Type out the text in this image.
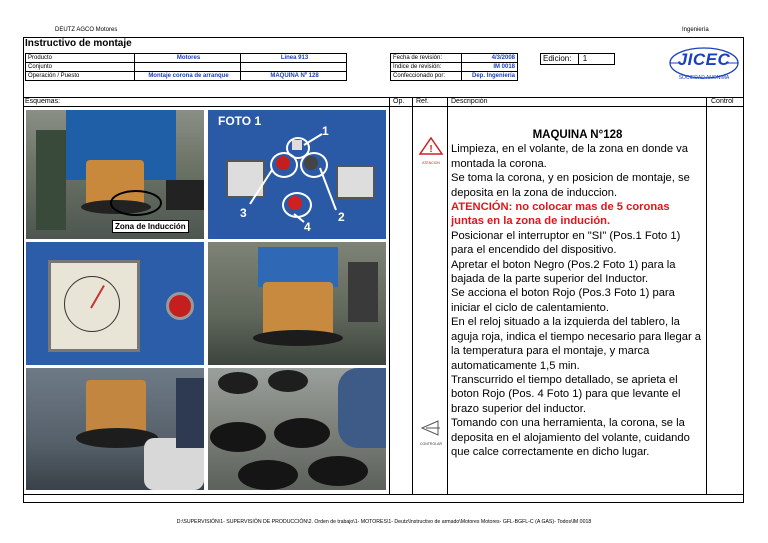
DEUTZ AGCO Motores	Ingeniería
Instructivo de montaje
Producto	Motores	Linea 913
Conjunto
Operación / Puesto	Montaje corona de arranque	MAQUINA Nº 128
Fecha de revisión:	4/3/2008
Índice de revisión:	IM 0018
Confeccionado por:	Dep. Ingeniería
Edicion: 1	JICEC
SOCIEDAD ANONIMA
Esquemas:	Op. Ref.	Descripción	Control
Zona de Inducción
FOTO 1
1
2
3
4
!
ATENCION
CONTROLAR

MAQUINA N°128

Limpieza, en el volante, de la zona en donde va montada la corona.

Se toma la corona, y en posicion de montaje, se deposita en la zona de induccion.

ATENCIÓN: no colocar mas de 5 coronas juntas en la zona de indución.

Posicionar el interruptor en "SI" (Pos.1 Foto 1) para el encendido del dispositivo.

Apretar el boton Negro (Pos.2 Foto 1) para la bajada de la parte superior del Inductor.

Se acciona el boton Rojo (Pos.3 Foto 1) para iniciar el ciclo de calentamiento.

En el reloj situado a la izquierda del tablero, la aguja roja, indica el tiempo necesario para llegar a la temperatura para el montaje, y marca automaticamente 1,5 min.

Transcurrido el tiempo detallado, se aprieta el boton Rojo (Pos. 4 Foto 1) para que levante el brazo superior del inductor.

Tomando con una herramienta, la corona, se la deposita en el alojamiento del volante, cuidando que calce correctamente en dicho lugar.

D:\SUPERVISIÓN\1- SUPERVISIÓN DE PRODUCCIÓN\2. Orden de trabajo\1- MOTORES\1- Deutz\Instructivo de armado\Motores Motores- GFL-BGFL-C (A GAS)- Todos\IM 0018
